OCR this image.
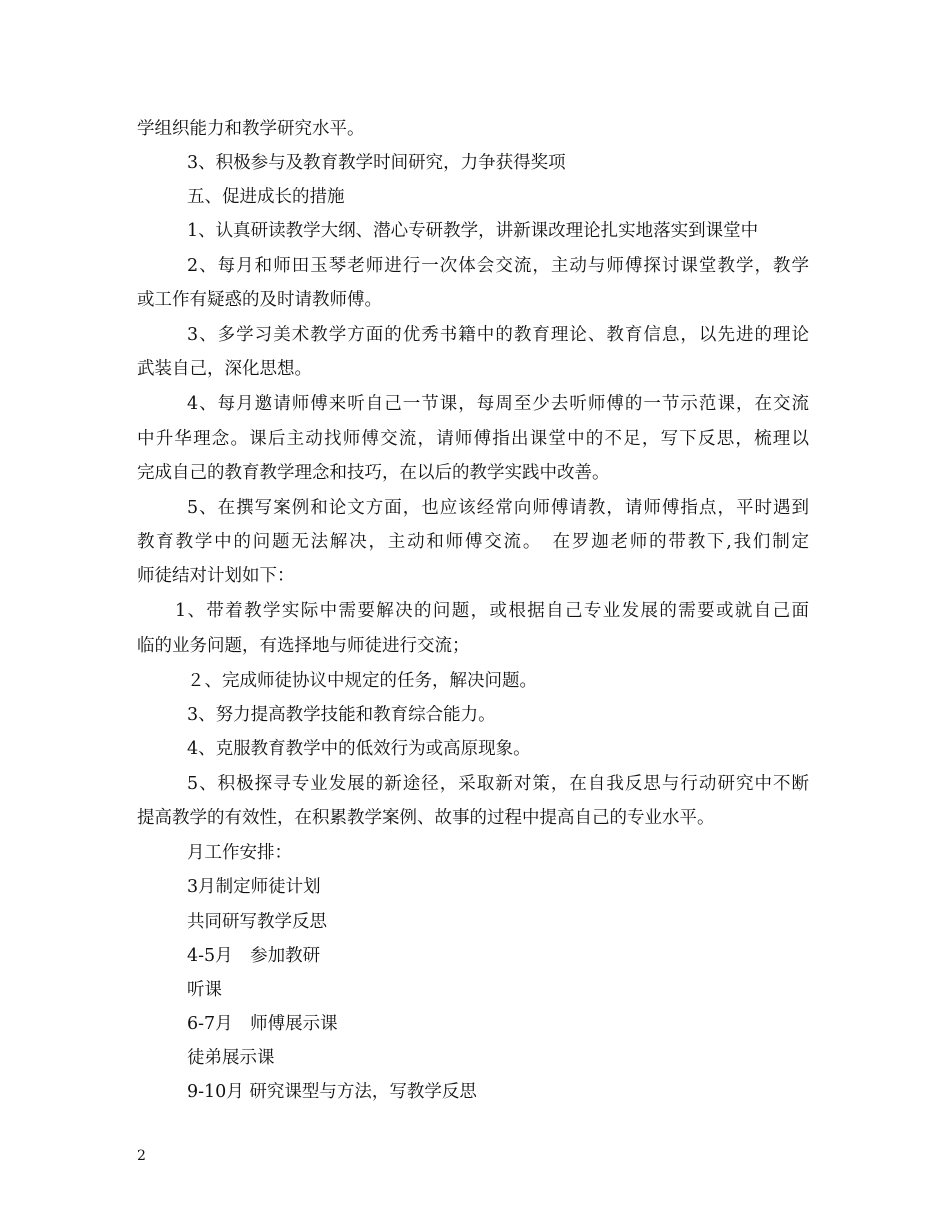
学组织能力和教学研究水平。
3、积极参与及教育教学时间研究，力争获得奖项
五、促进成长的措施
1、认真研读教学大纲、潜心专研教学，讲新课改理论扎实地落实到课堂中
2、每月和师田玉琴老师进行一次体会交流，主动与师傅探讨课堂教学，教学
或工作有疑惑的及时请教师傅。
3、多学习美术教学方面的优秀书籍中的教育理论、教育信息，以先进的理论
武装自己，深化思想。
4、每月邀请师傅来听自己一节课，每周至少去听师傅的一节示范课，在交流
中升华理念。课后主动找师傅交流，请师傅指出课堂中的不足，写下反思，梳理以
完成自己的教育教学理念和技巧，在以后的教学实践中改善。
5、在撰写案例和论文方面，也应该经常向师傅请教，请师傅指点，平时遇到
教育教学中的问题无法解决，主动和师傅交流。　在罗迦老师的带教下,我们制定
师徒结对计划如下：
1、带着教学实际中需要解决的问题，或根据自己专业发展的需要或就自己面
临的业务问题，有选择地与师徒进行交流；
２、完成师徒协议中规定的任务，解决问题。
3、努力提高教学技能和教育综合能力。
4、克服教育教学中的低效行为或高原现象。
5、积极探寻专业发展的新途径，采取新对策，在自我反思与行动研究中不断
提高教学的有效性，在积累教学案例、故事的过程中提高自己的专业水平。
月工作安排：
3月制定师徒计划
共同研写教学反思
4-5月　参加教研
听课
6-7月　师傅展示课
徒弟展示课
9-10月 研究课型与方法，写教学反思
2
